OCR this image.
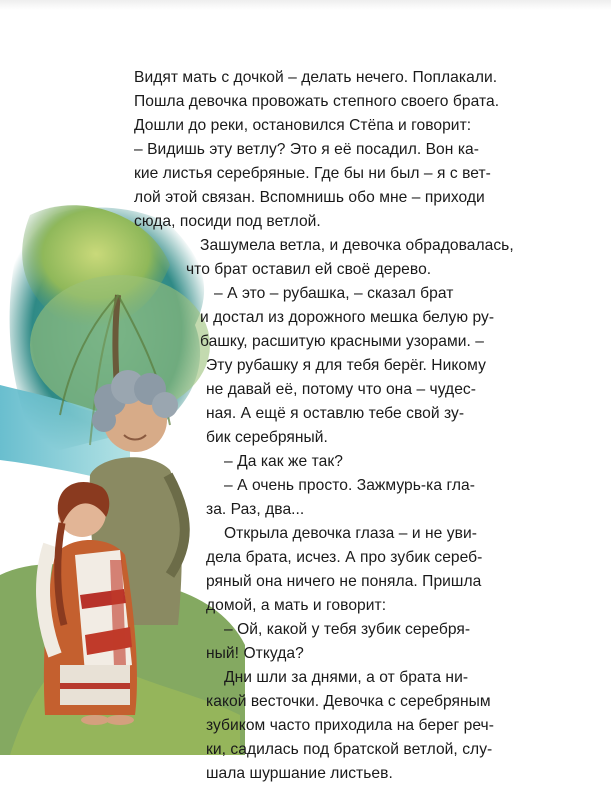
Видят мать с дочкой – делать нечего. Поплакали.

Пошла девочка провожать степного своего брата.

Дошли до реки, остановился Стёпа и говорит:

– Видишь эту ветлу? Это я её посадил. Вон ка-

кие листья серебряные. Где бы ни был – я с вет-

лой этой связан. Вспомнишь обо мне – приходи

сюда, посиди под ветлой.

Зашумела ветла, и девочка обрадовалась,

что брат оставил ей своё дерево.

– А это – рубашка, – сказал брат

и достал из дорожного мешка белую ру-

башку, расшитую красными узорами. –

Эту рубашку я для тебя берёг. Никому

не давай её, потому что она – чудес-

ная. А ещё я оставлю тебе свой зу-

бик серебряный.

– Да как же так?

– А очень просто. Зажмурь-ка гла-

за. Раз, два...

Открыла девочка глаза – и не уви-

дела брата, исчез. А про зубик сереб-

ряный она ничего не поняла. Пришла

домой, а мать и говорит:

– Ой, какой у тебя зубик серебря-

ный! Откуда?

Дни шли за днями, а от брата ни-

какой весточки. Девочка с серебряным

зубиком часто приходила на берег реч-

ки, садилась под братской ветлой, слу-

шала шуршание листьев.
